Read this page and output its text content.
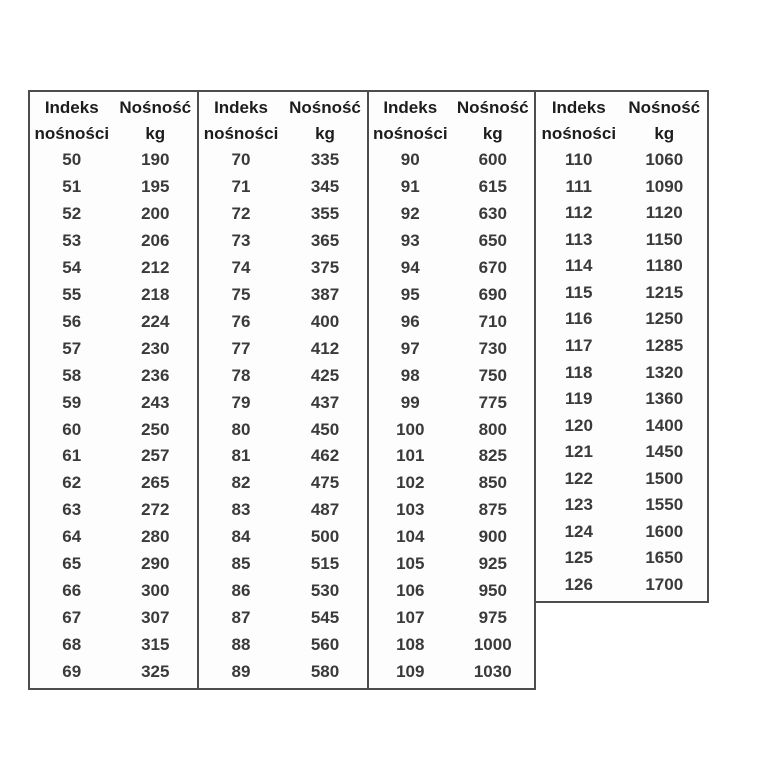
Indeks	Nośność
nośności	kg
50	190
51	195
52	200
53	206
54	212
55	218
56	224
57	230
58	236
59	243
60	250
61	257
62	265
63	272
64	280
65	290
66	300
67	307
68	315
69	325
Indeks	Nośność
nośności	kg
70	335
71	345
72	355
73	365
74	375
75	387
76	400
77	412
78	425
79	437
80	450
81	462
82	475
83	487
84	500
85	515
86	530
87	545
88	560
89	580
Indeks	Nośność
nośności	kg
90	600
91	615
92	630
93	650
94	670
95	690
96	710
97	730
98	750
99	775
100	800
101	825
102	850
103	875
104	900
105	925
106	950
107	975
108	1000
109	1030
Indeks	Nośność
nośności	kg
110	1060
111	1090
112	1120
113	1150
114	1180
115	1215
116	1250
117	1285
118	1320
119	1360
120	1400
121	1450
122	1500
123	1550
124	1600
125	1650
126	1700
